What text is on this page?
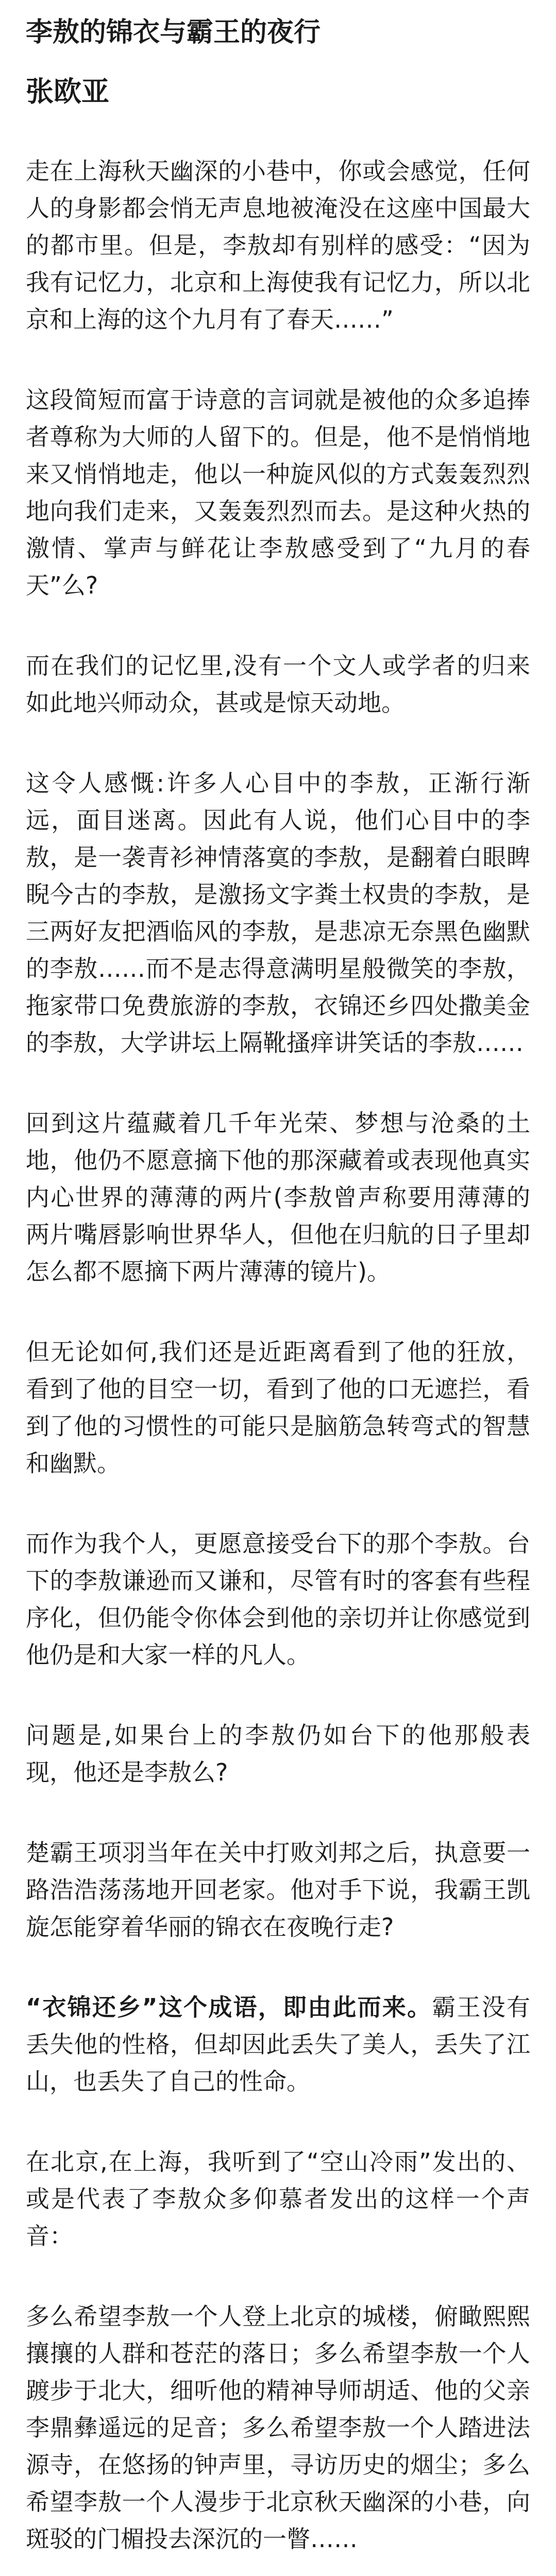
李敖的锦衣与霸王的夜行
张欧亚

走在上海秋天幽深的小巷中，你或会感觉，任何人的身影都会悄无声息地被淹没在这座中国最大的都市里。但是，李敖却有别样的感受：“因为我有记忆力，北京和上海使我有记忆力，所以北京和上海的这个九月有了春天……”

这段简短而富于诗意的言词就是被他的众多追捧者尊称为大师的人留下的。但是，他不是悄悄地来又悄悄地走，他以一种旋风似的方式轰轰烈烈地向我们走来，又轰轰烈烈而去。是这种火热的激情、掌声与鲜花让李敖感受到了“九月的春天”么?

而在我们的记忆里,没有一个文人或学者的归来如此地兴师动众，甚或是惊天动地。

这令人感慨:许多人心目中的李敖，正渐行渐远，面目迷离。因此有人说，他们心目中的李敖，是一袭青衫神情落寞的李敖，是翻着白眼睥睨今古的李敖，是激扬文字粪土权贵的李敖，是三两好友把酒临风的李敖，是悲凉无奈黑色幽默的李敖……而不是志得意满明星般微笑的李敖，拖家带口免费旅游的李敖，衣锦还乡四处撒美金的李敖，大学讲坛上隔靴搔痒讲笑话的李敖……

回到这片蕴藏着几千年光荣、梦想与沧桑的土地，他仍不愿意摘下他的那深藏着或表现他真实内心世界的薄薄的两片(李敖曾声称要用薄薄的两片嘴唇影响世界华人，但他在归航的日子里却怎么都不愿摘下两片薄薄的镜片)。

但无论如何,我们还是近距离看到了他的狂放，看到了他的目空一切，看到了他的口无遮拦，看到了他的习惯性的可能只是脑筋急转弯式的智慧和幽默。

而作为我个人，更愿意接受台下的那个李敖。台下的李敖谦逊而又谦和，尽管有时的客套有些程序化，但仍能令你体会到他的亲切并让你感觉到他仍是和大家一样的凡人。

问题是,如果台上的李敖仍如台下的他那般表现，他还是李敖么?

楚霸王项羽当年在关中打败刘邦之后，执意要一路浩浩荡荡地开回老家。他对手下说，我霸王凯旋怎能穿着华丽的锦衣在夜晚行走?

“衣锦还乡”这个成语，即由此而来。霸王没有丢失他的性格，但却因此丢失了美人，丢失了江山，也丢失了自己的性命。

在北京,在上海，我听到了“空山冷雨”发出的、或是代表了李敖众多仰慕者发出的这样一个声音：

多么希望李敖一个人登上北京的城楼，俯瞰熙熙攘攘的人群和苍茫的落日；多么希望李敖一个人踱步于北大，细听他的精神导师胡适、他的父亲李鼎彝遥远的足音；多么希望李敖一个人踏进法源寺，在悠扬的钟声里，寻访历史的烟尘；多么希望李敖一个人漫步于北京秋天幽深的小巷，向斑驳的门楣投去深沉的一瞥……
